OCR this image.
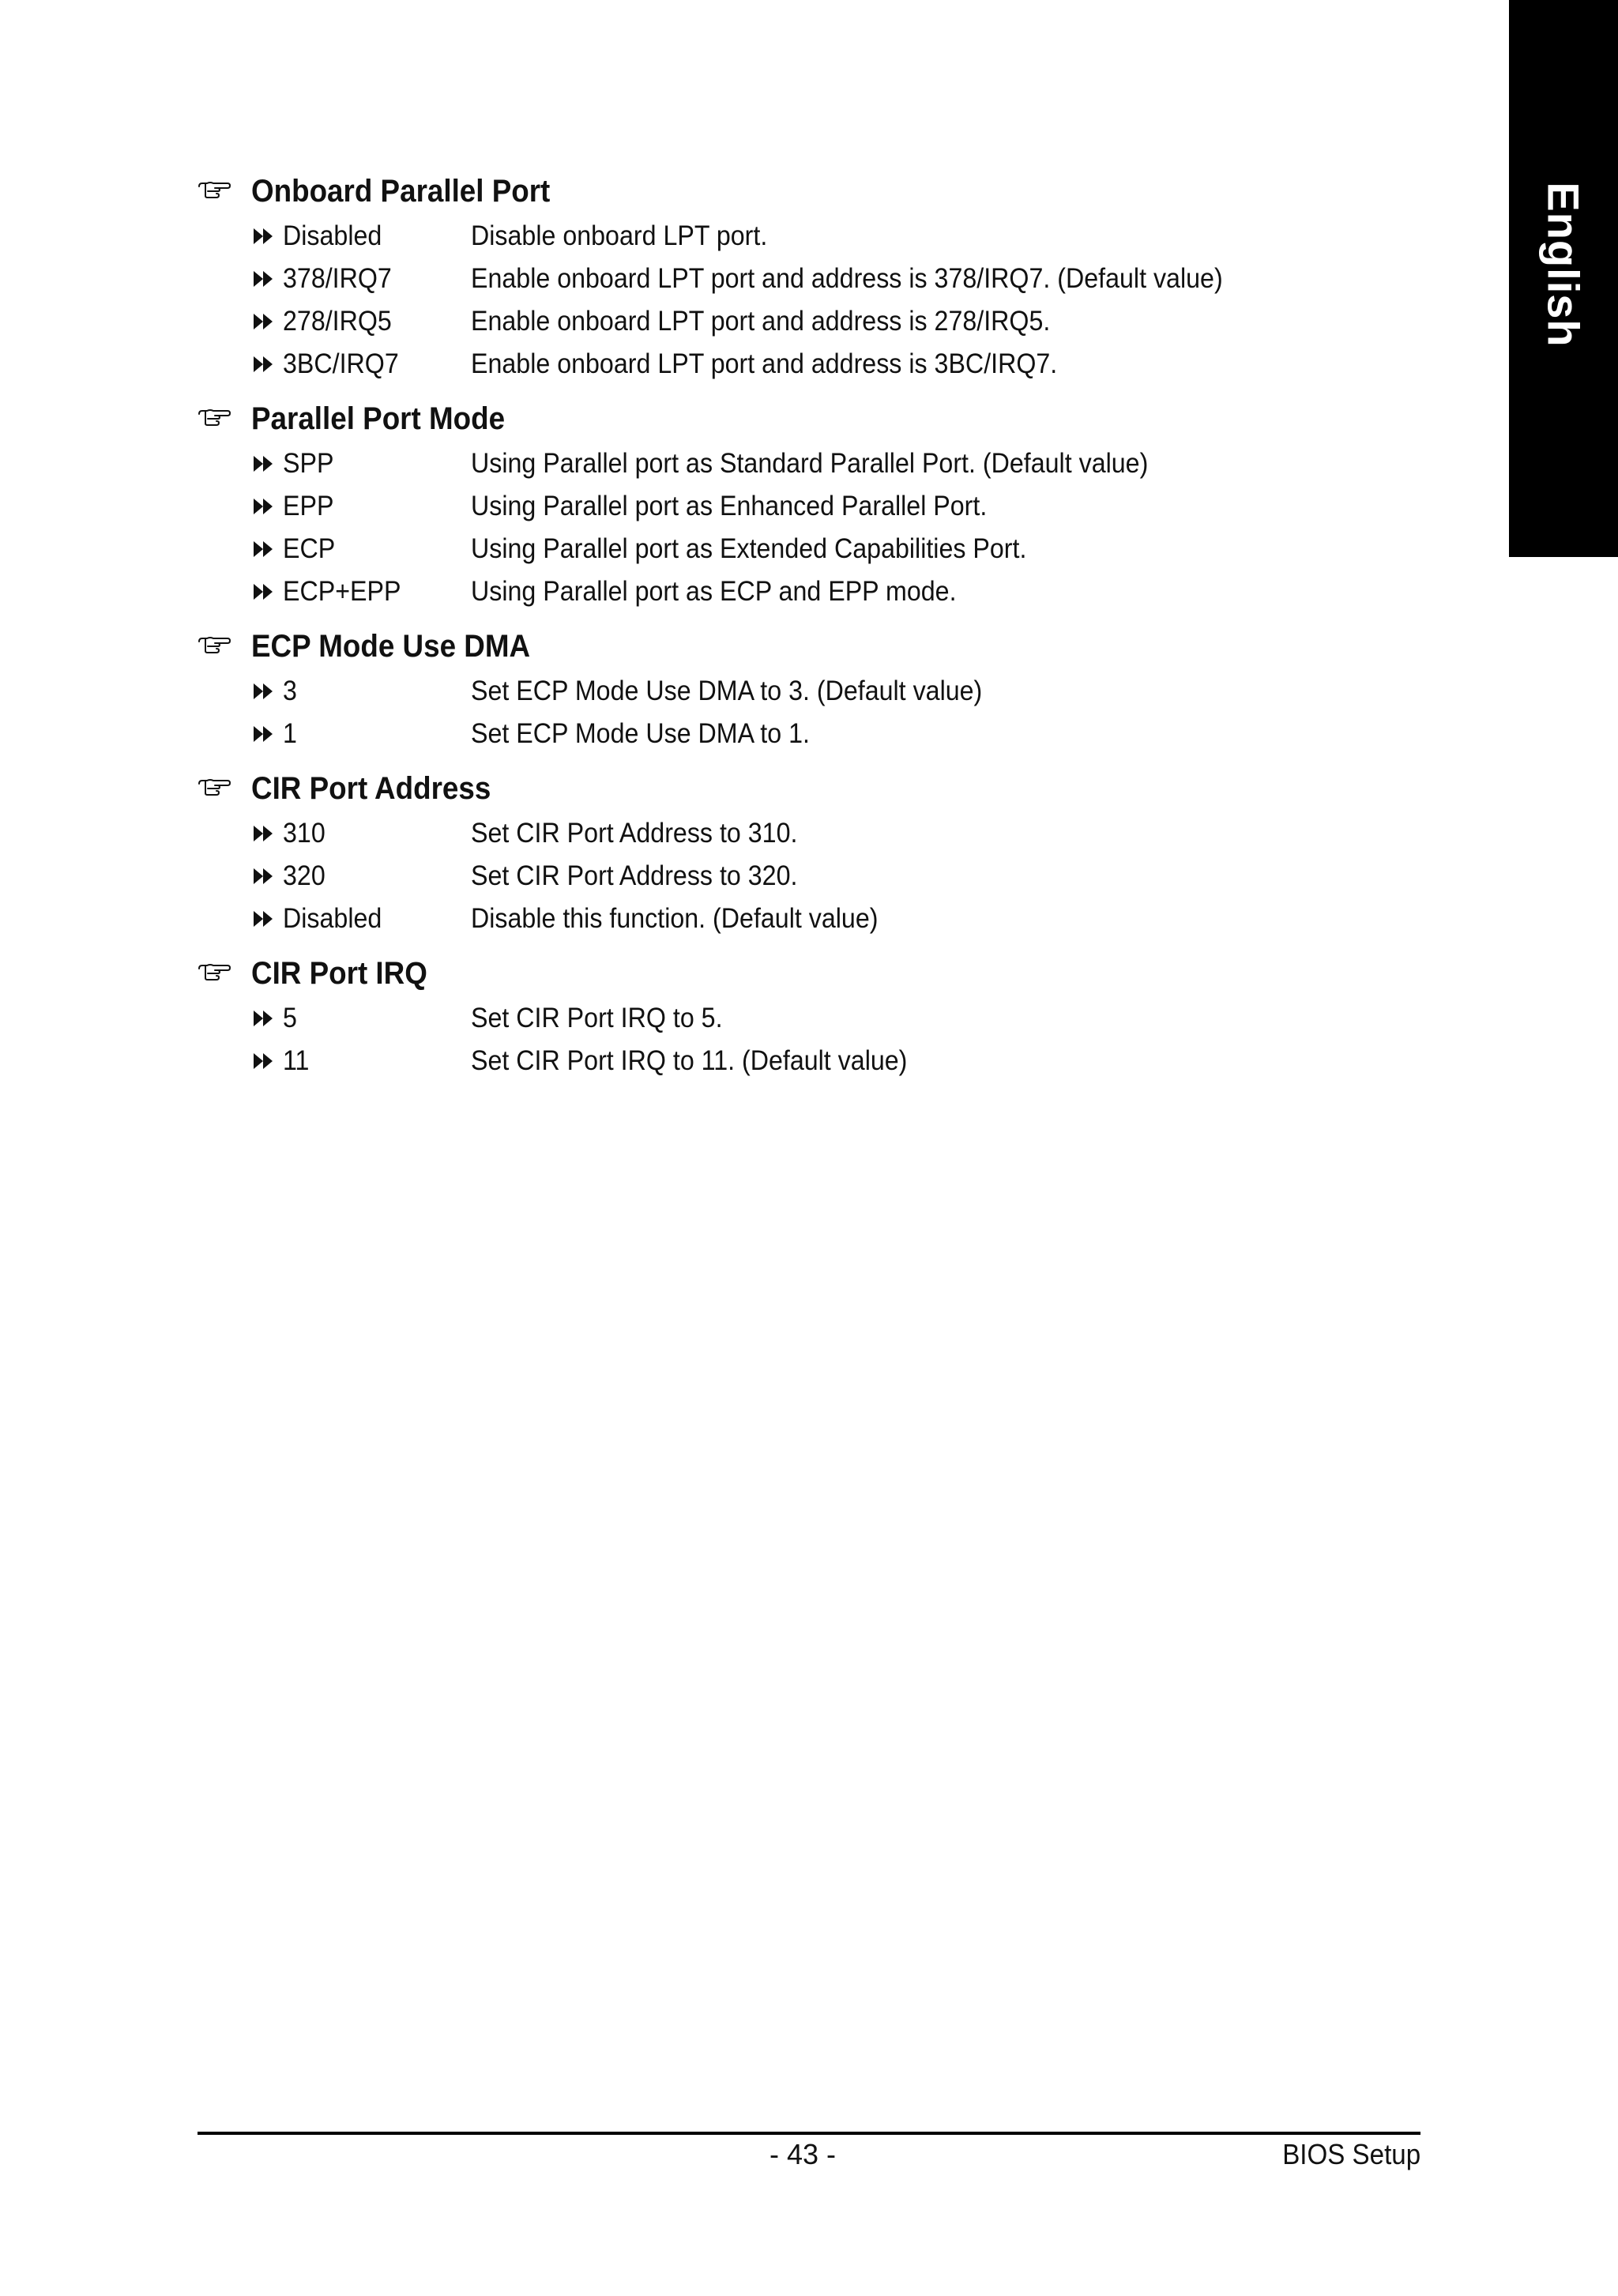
English
Onboard Parallel Port
Disabled	Disable onboard LPT port.
378/IRQ7	Enable onboard LPT port and address is 378/IRQ7. (Default value)
278/IRQ5	Enable onboard LPT port and address is 278/IRQ5.
3BC/IRQ7	Enable onboard LPT port and address is 3BC/IRQ7.
Parallel Port Mode
SPP	Using Parallel port as Standard Parallel Port. (Default value)
EPP	Using Parallel port as Enhanced Parallel Port.
ECP	Using Parallel port as Extended Capabilities Port.
ECP+EPP	Using Parallel port as ECP and EPP mode.
ECP Mode Use DMA
3	Set ECP Mode Use DMA to 3. (Default value)
1	Set ECP Mode Use DMA to 1.
CIR Port Address
310	Set CIR Port Address to 310.
320	Set CIR Port Address to 320.
Disabled	Disable this function. (Default value)
CIR Port IRQ
5	Set CIR Port IRQ to 5.
11	Set CIR Port IRQ to 11. (Default value)
- 43 -	BIOS Setup
